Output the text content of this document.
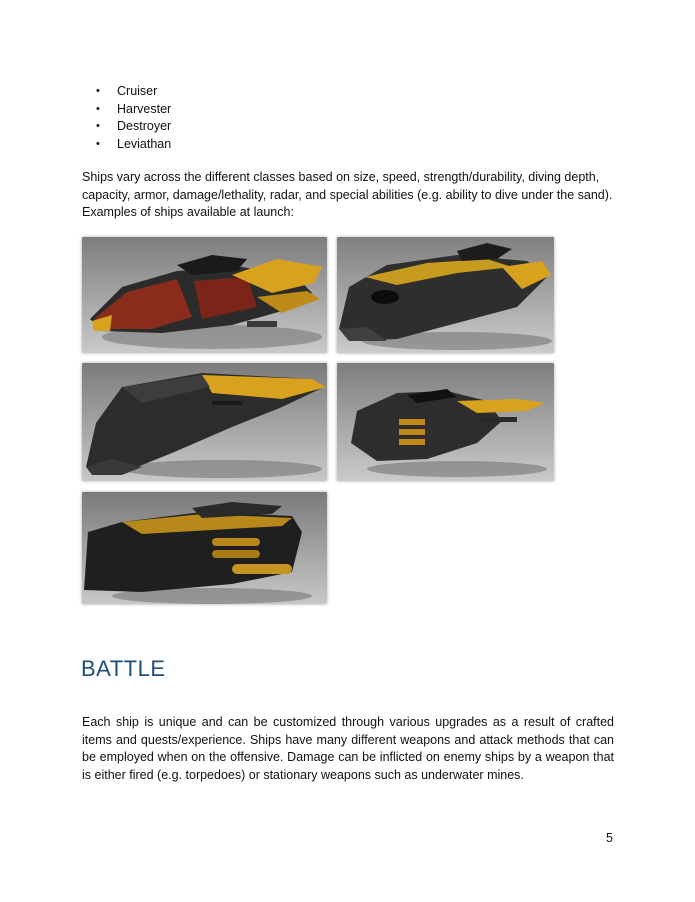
• Cruiser
• Harvester
• Destroyer
• Leviathan

Ships vary across the different classes based on size, speed, strength/durability, diving depth, capacity, armor, damage/lethality, radar, and special abilities (e.g. ability to dive under the sand). Examples of ships available at launch:

BATTLE

Each ship is unique and can be customized through various upgrades as a result of crafted items and quests/experience. Ships have many different weapons and attack methods that can be employed when on the offensive. Damage can be inflicted on enemy ships by a weapon that is either fired (e.g. torpedoes) or stationary weapons such as underwater mines.

5
